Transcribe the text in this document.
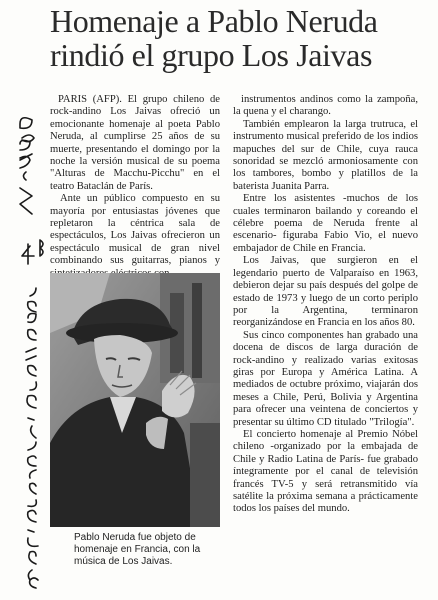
Homenaje a Pablo Neruda
rindió el grupo Los Jaivas

PARIS (AFP). El grupo chileno de rock-andino Los Jaivas ofreció un emocionante homenaje al poeta Pablo Neruda, al cumplirse 25 años de su muerte, presentando el domingo por la noche la versión musical de su poema "Alturas de Macchu-Picchu" en el teatro Bataclán de París.

Ante un público compuesto en su mayoría por entusiastas jóvenes que repletaron la céntrica sala de espectáculos, Los Jaivas ofrecieron un espectáculo musical de gran nivel combinando sus guitarras, pianos y

Pablo Neruda fue objeto de
homenaje en Francia, con la
música de Los Jaivas.

instrumentos andinos como la zampoña, la quena y el charango.

También emplearon la larga trutruca, el instrumento musical preferido de los indios mapuches del sur de Chile, cuya rauca sonoridad se mezcló armoniosamente con los tambores, bombo y platillos de la baterista Juanita Parra.

Entre los asistentes -muchos de los cuales terminaron bailando y coreando el célebre poema de Neruda frente al escenario- figuraba Fabio Vio, el nuevo embajador de Chile en Francia.

Los Jaivas, que surgieron en el legendario puerto de Valparaíso en 1963, debieron dejar su país después del golpe de estado de 1973 y luego de un corto periplo por la Argentina, terminaron reorganizándose en Francia en los años 80.

Sus cinco componentes han grabado una docena de discos de larga duración de rock-andino y realizado varias exitosas giras por Europa y América Latina. A mediados de octubre próximo, viajarán dos meses a Chile, Perú, Bolivia y Argentina para ofrecer una veintena de conciertos y presentar su último CD titulado "Trilogía".

El concierto homenaje al Premio Nóbel chileno -organizado por la embajada de Chile y Radio Latina de París- fue grabado íntegramente por el canal de televisión francés TV-5 y será retransmitido vía satélite la próxima semana a prácticamente todos los países del mundo.
